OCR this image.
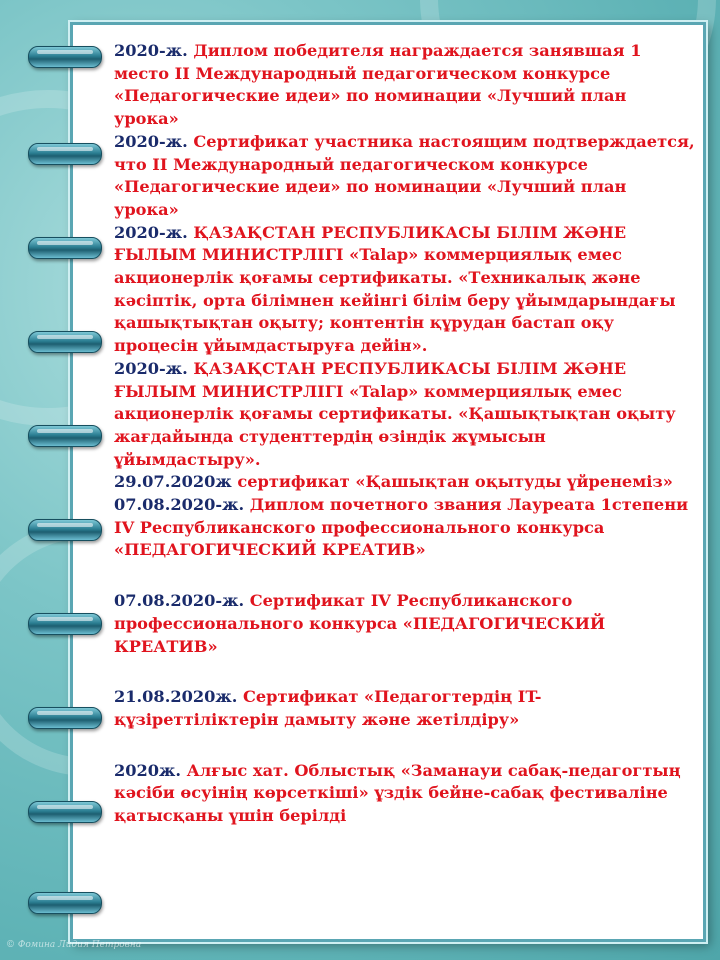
2020-ж. Диплом победителя награждается занявшая 1 место II Международный педагогическом конкурсе «Педагогические идеи» по номинации «Лучший план урока»

2020-ж. Сертификат участника настоящим подтверждается, что II Международный педагогическом конкурсе «Педагогические идеи» по номинации «Лучший план урока»

2020-ж. ҚАЗАҚСТАН РЕСПУБЛИКАСЫ БІЛІМ ЖӘНЕ ҒЫЛЫМ МИНИСТРЛІГІ «Talap» коммерциялық емес акционерлік қоғамы сертификаты. «Техникалық және кәсіптік, орта білімнен кейінгі білім беру ұйымдарындағы қашықтықтан оқыту; контентін құрудан бастап оқу процесін ұйымдастыруға дейін».

2020-ж. ҚАЗАҚСТАН РЕСПУБЛИКАСЫ БІЛІМ ЖӘНЕ ҒЫЛЫМ МИНИСТРЛІГІ «Talap» коммерциялық емес акционерлік қоғамы сертификаты. «Қашықтықтан оқыту жағдайында студенттердің өзіндік жұмысын ұйымдастыру».

29.07.2020ж сертификат «Қашықтан оқытуды үйренеміз»

07.08.2020-ж. Диплом почетного звания Лауреата 1степени IV Республиканского профессионального конкурса «ПЕДАГОГИЧЕСКИЙ КРЕАТИВ»

07.08.2020-ж. Сертификат IV Республиканского профессионального конкурса «ПЕДАГОГИЧЕСКИЙ КРЕАТИВ»

21.08.2020ж. Сертификат «Педагогтердің IT-құзіреттіліктерін дамыту және жетілдіру»

2020ж. Алғыс хат. Облыстық «Заманауи сабақ-педагогтың кәсіби өсуінің көрсеткіші» ұздік бейне-сабақ фестиваліне қатысқаны үшін берілді

© Фомина Лидия Петровна
